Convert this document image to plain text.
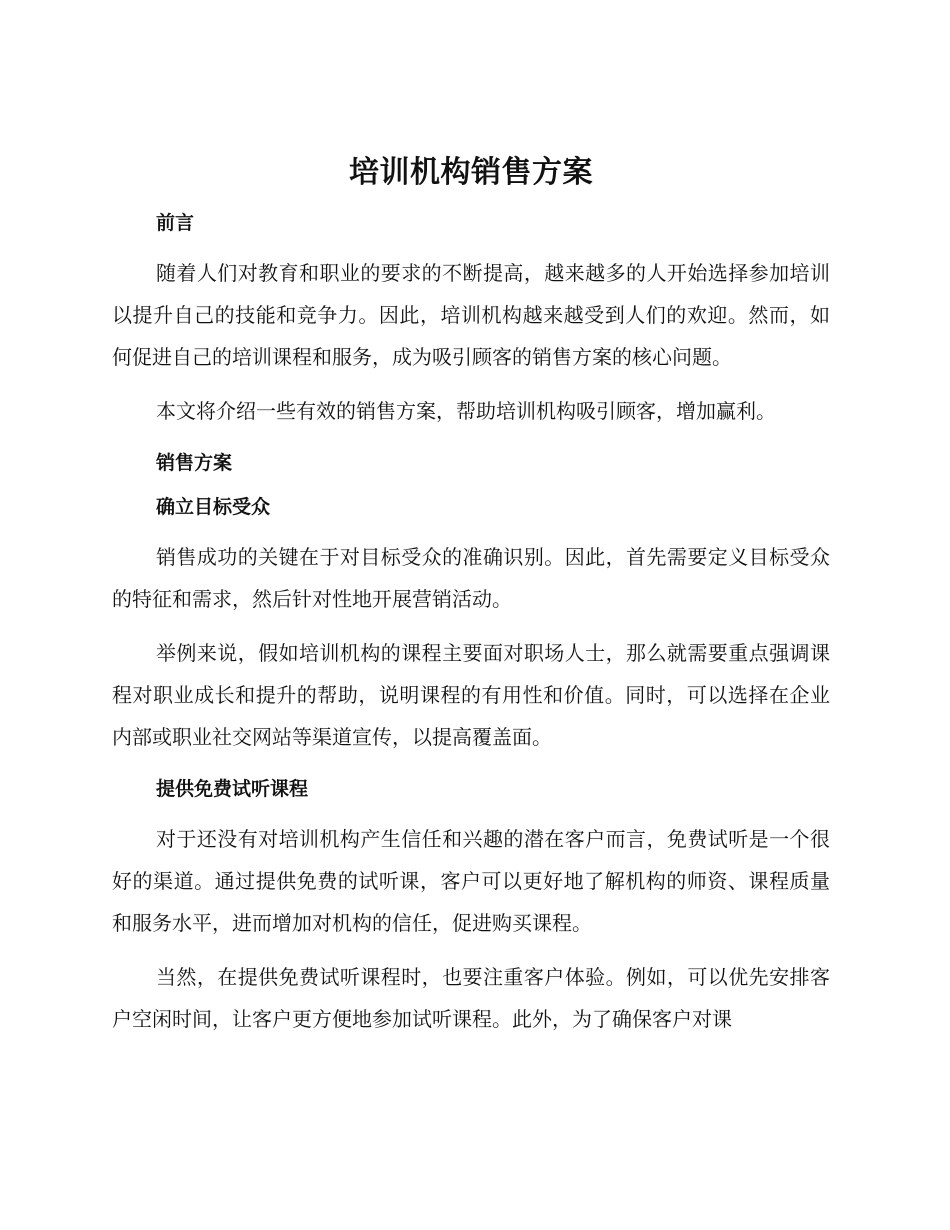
培训机构销售方案
前言

随着人们对教育和职业的要求的不断提高，越来越多的人开始选择参加培训以提升自己的技能和竞争力。因此，培训机构越来越受到人们的欢迎。然而，如何促进自己的培训课程和服务，成为吸引顾客的销售方案的核心问题。

本文将介绍一些有效的销售方案，帮助培训机构吸引顾客，增加赢利。

销售方案
确立目标受众

销售成功的关键在于对目标受众的准确识别。因此，首先需要定义目标受众的特征和需求，然后针对性地开展营销活动。

举例来说，假如培训机构的课程主要面对职场人士，那么就需要重点强调课程对职业成长和提升的帮助，说明课程的有用性和价值。同时，可以选择在企业内部或职业社交网站等渠道宣传，以提高覆盖面。

提供免费试听课程

对于还没有对培训机构产生信任和兴趣的潜在客户而言，免费试听是一个很好的渠道。通过提供免费的试听课，客户可以更好地了解机构的师资、课程质量和服务水平，进而增加对机构的信任，促进购买课程。

当然，在提供免费试听课程时，也要注重客户体验。例如，可以优先安排客户空闲时间，让客户更方便地参加试听课程。此外，为了确保客户对课
